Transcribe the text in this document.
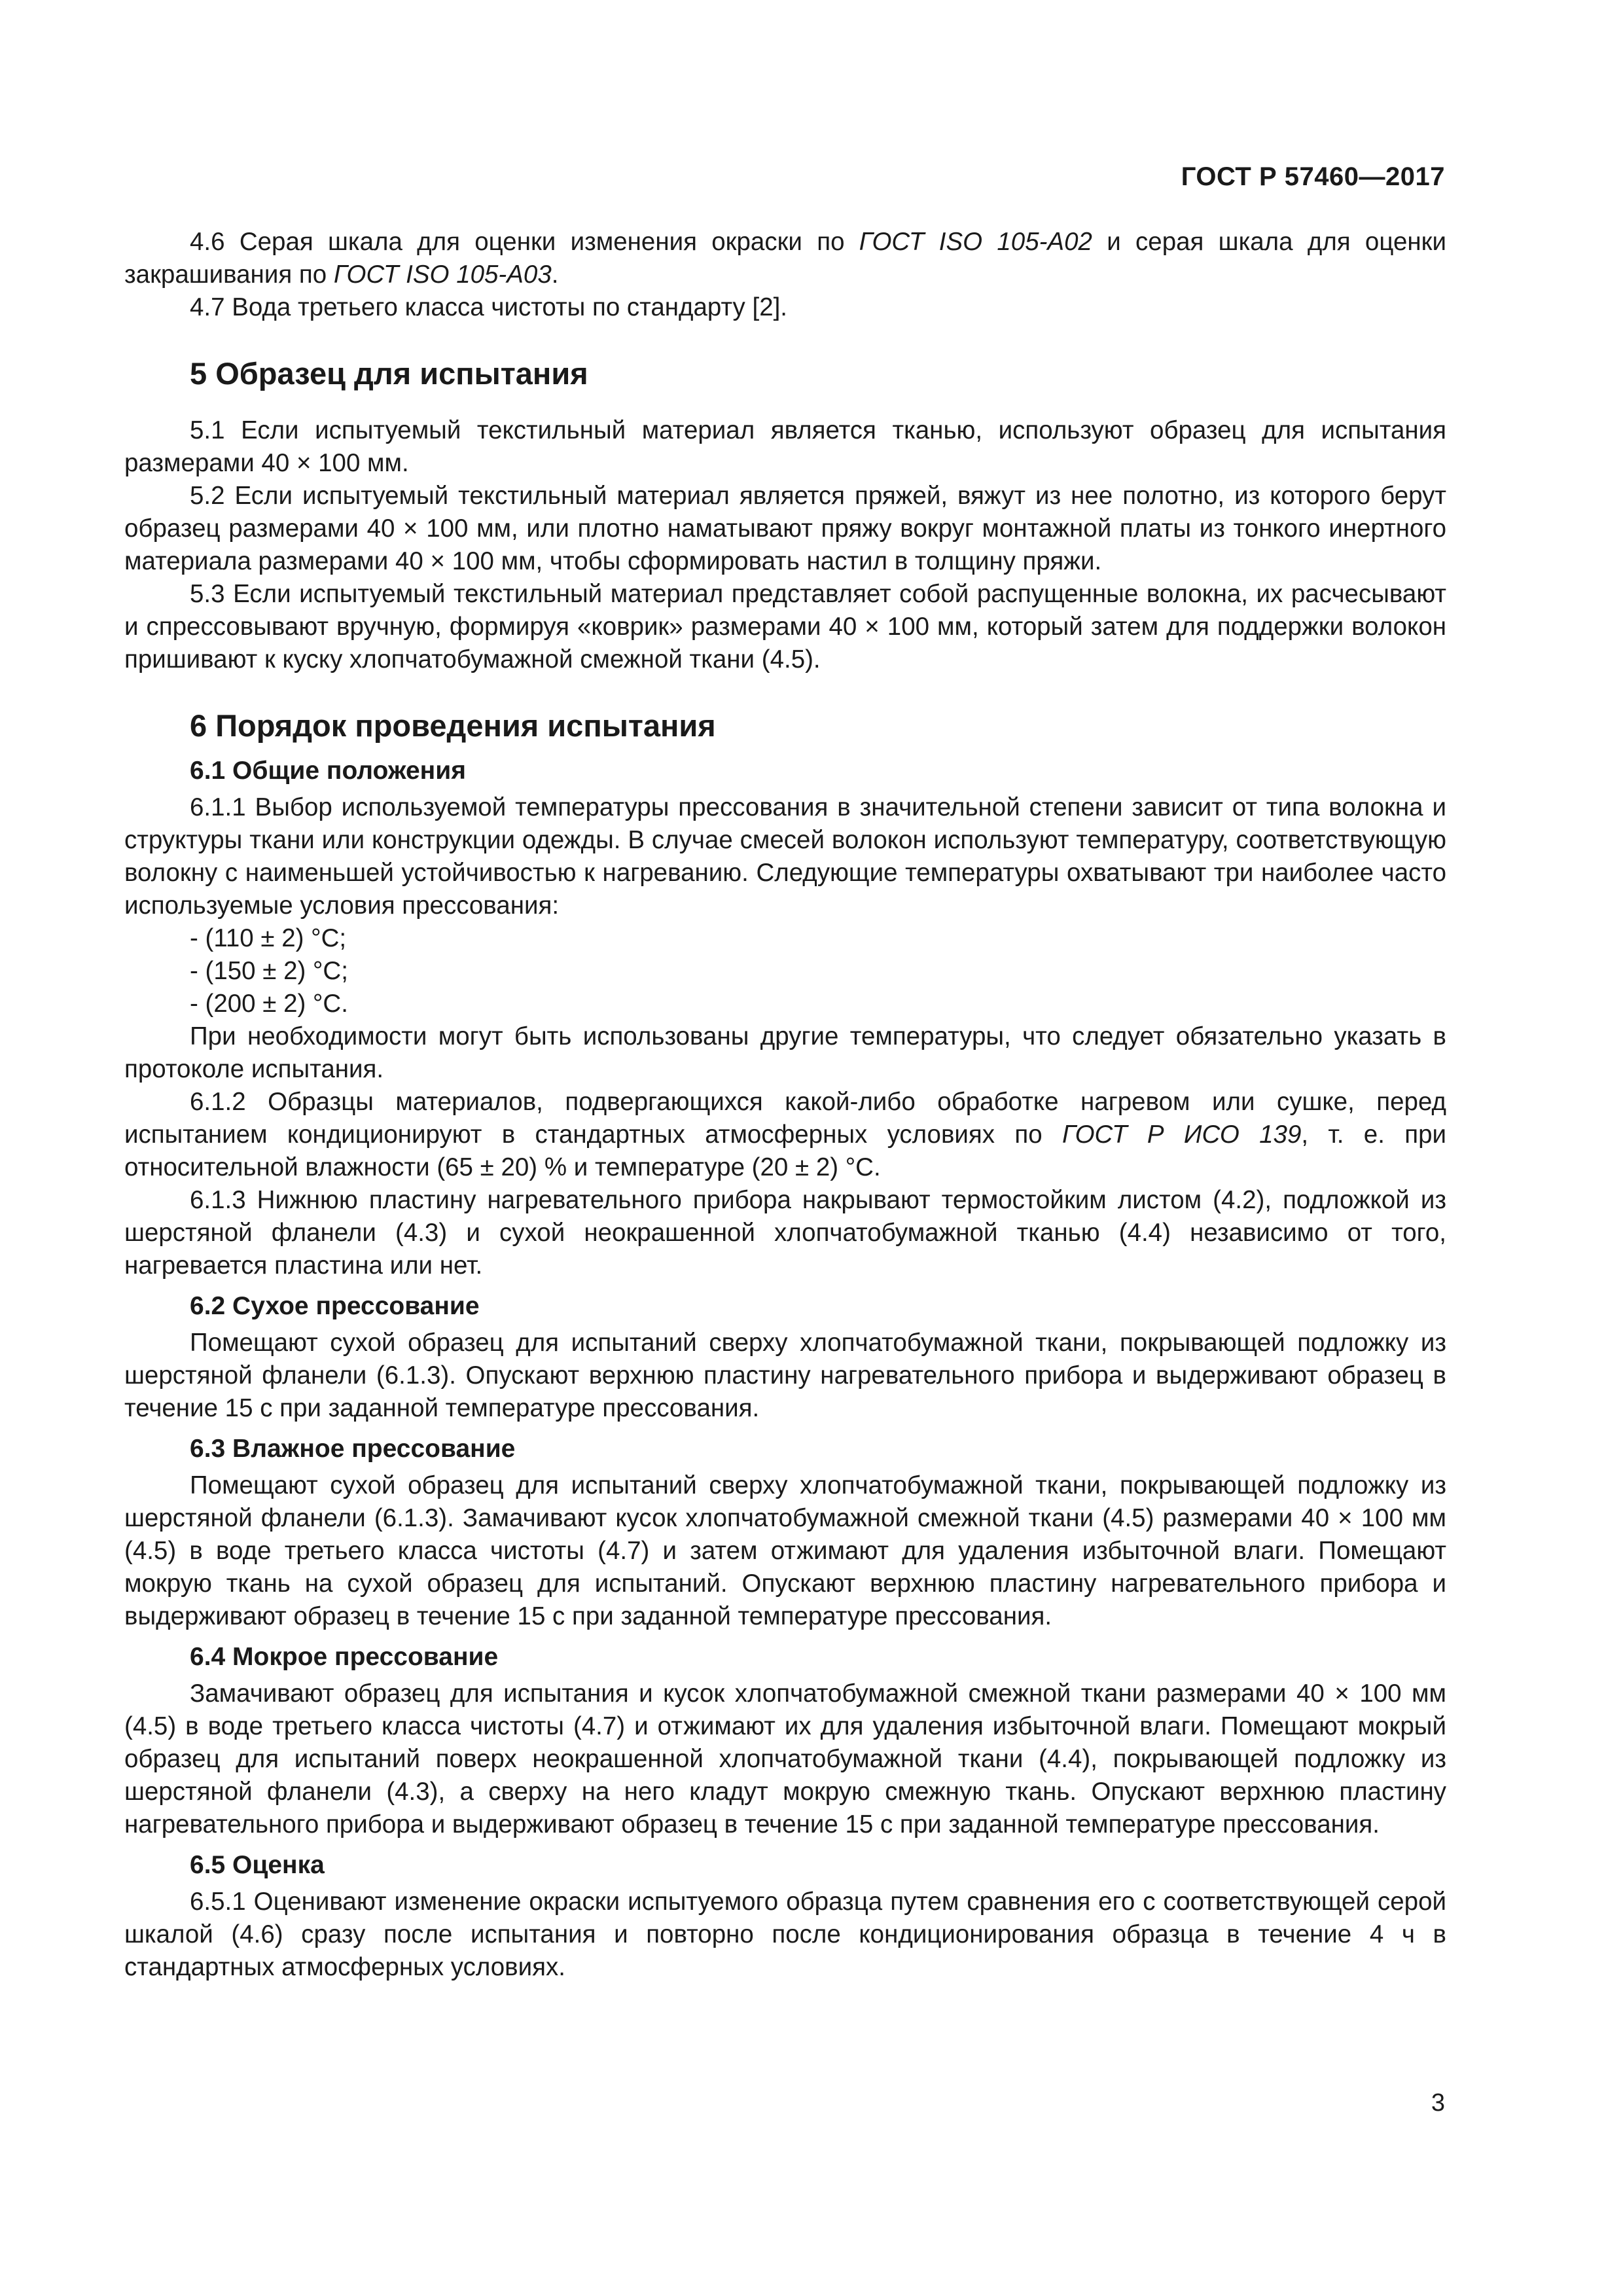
ГОСТ Р 57460—2017

4.6 Серая шкала для оценки изменения окраски по ГОСТ ISO 105-A02 и серая шкала для оценки закрашивания по ГОСТ ISO 105-A03.

4.7 Вода третьего класса чистоты по стандарту [2].

5 Образец для испытания

5.1 Если испытуемый текстильный материал является тканью, используют образец для испытания размерами 40 × 100 мм.

5.2 Если испытуемый текстильный материал является пряжей, вяжут из нее полотно, из которого берут образец размерами 40 × 100 мм, или плотно наматывают пряжу вокруг монтажной платы из тонкого инертного материала размерами 40 × 100 мм, чтобы сформировать настил в толщину пряжи.

5.3 Если испытуемый текстильный материал представляет собой распущенные волокна, их расчесывают и спрессовывают вручную, формируя «коврик» размерами 40 × 100 мм, который затем для поддержки волокон пришивают к куску хлопчатобумажной смежной ткани (4.5).

6 Порядок проведения испытания
6.1 Общие положения

6.1.1 Выбор используемой температуры прессования в значительной степени зависит от типа волокна и структуры ткани или конструкции одежды. В случае смесей волокон используют температуру, соответствующую волокну с наименьшей устойчивостью к нагреванию. Следующие температуры охватывают три наиболее часто используемые условия прессования:

- (110 ± 2) °С;

- (150 ± 2) °С;

- (200 ± 2) °С.

При необходимости могут быть использованы другие температуры, что следует обязательно указать в протоколе испытания.

6.1.2 Образцы материалов, подвергающихся какой-либо обработке нагревом или сушке, перед испытанием кондиционируют в стандартных атмосферных условиях по ГОСТ Р ИСО 139, т. е. при относительной влажности (65 ± 20) % и температуре (20 ± 2) °С.

6.1.3 Нижнюю пластину нагревательного прибора накрывают термостойким листом (4.2), подложкой из шерстяной фланели (4.3) и сухой неокрашенной хлопчатобумажной тканью (4.4) независимо от того, нагревается пластина или нет.

6.2 Сухое прессование

Помещают сухой образец для испытаний сверху хлопчатобумажной ткани, покрывающей подложку из шерстяной фланели (6.1.3). Опускают верхнюю пластину нагревательного прибора и выдерживают образец в течение 15 с при заданной температуре прессования.

6.3 Влажное прессование

Помещают сухой образец для испытаний сверху хлопчатобумажной ткани, покрывающей подложку из шерстяной фланели (6.1.3). Замачивают кусок хлопчатобумажной смежной ткани (4.5) размерами 40 × 100 мм (4.5) в воде третьего класса чистоты (4.7) и затем отжимают для удаления избыточной влаги. Помещают мокрую ткань на сухой образец для испытаний. Опускают верхнюю пластину нагревательного прибора и выдерживают образец в течение 15 с при заданной температуре прессования.

6.4 Мокрое прессование

Замачивают образец для испытания и кусок хлопчатобумажной смежной ткани размерами 40 × 100 мм (4.5) в воде третьего класса чистоты (4.7) и отжимают их для удаления избыточной влаги. Помещают мокрый образец для испытаний поверх неокрашенной хлопчатобумажной ткани (4.4), покрывающей подложку из шерстяной фланели (4.3), а сверху на него кладут мокрую смежную ткань. Опускают верхнюю пластину нагревательного прибора и выдерживают образец в течение 15 с при заданной температуре прессования.

6.5 Оценка

6.5.1 Оценивают изменение окраски испытуемого образца путем сравнения его с соответствующей серой шкалой (4.6) сразу после испытания и повторно после кондиционирования образца в течение 4 ч в стандартных атмосферных условиях.

3
